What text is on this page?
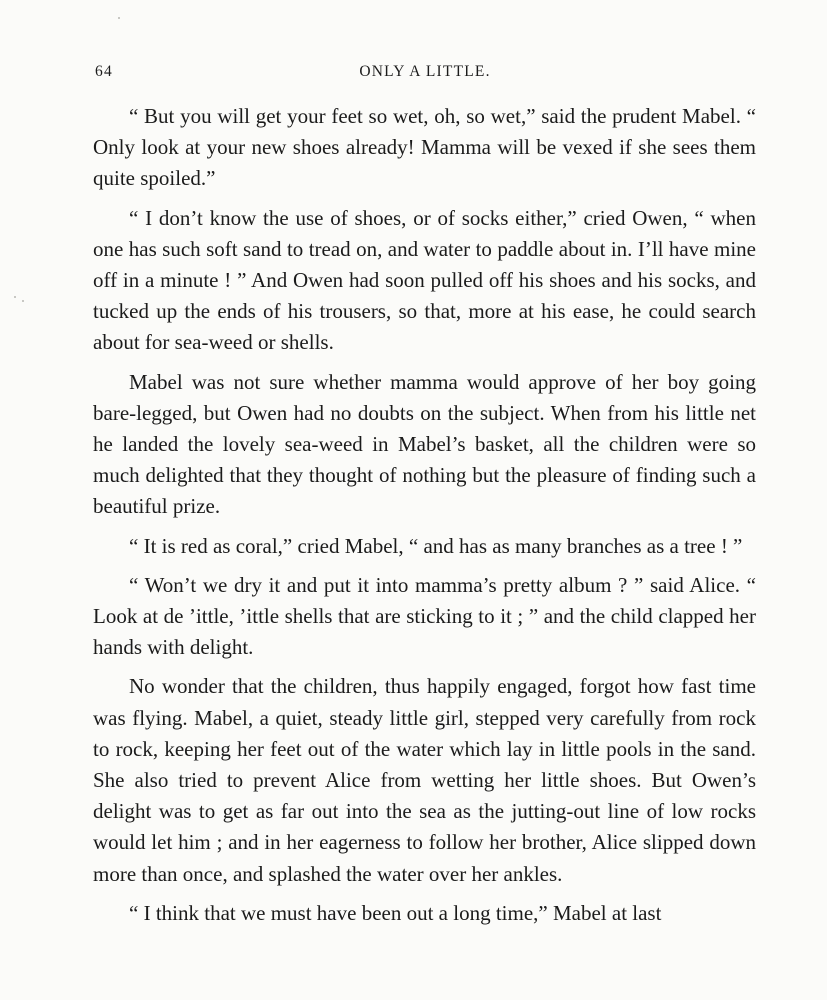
64	ONLY A LITTLE.

“ But you will get your feet so wet, oh, so wet,” said the prudent Mabel. “ Only look at your new shoes already! Mamma will be vexed if she sees them quite spoiled.”

“ I don’t know the use of shoes, or of socks either,” cried Owen, “ when one has such soft sand to tread on, and water to paddle about in. I’ll have mine off in a minute ! ” And Owen had soon pulled off his shoes and his socks, and tucked up the ends of his trousers, so that, more at his ease, he could search about for sea-weed or shells.

Mabel was not sure whether mamma would approve of her boy going bare-legged, but Owen had no doubts on the subject. When from his little net he landed the lovely sea-weed in Mabel’s basket, all the children were so much delighted that they thought of nothing but the pleasure of finding such a beautiful prize.

“ It is red as coral,” cried Mabel, “ and has as many branches as a tree ! ”

“ Won’t we dry it and put it into mamma’s pretty album ? ” said Alice. “ Look at de ’ittle, ’ittle shells that are sticking to it ; ” and the child clapped her hands with delight.

No wonder that the children, thus happily engaged, forgot how fast time was flying. Mabel, a quiet, steady little girl, stepped very carefully from rock to rock, keeping her feet out of the water which lay in little pools in the sand. She also tried to prevent Alice from wetting her little shoes. But Owen’s delight was to get as far out into the sea as the jutting-out line of low rocks would let him ; and in her eagerness to follow her brother, Alice slipped down more than once, and splashed the water over her ankles.

“ I think that we must have been out a long time,” Mabel at last
